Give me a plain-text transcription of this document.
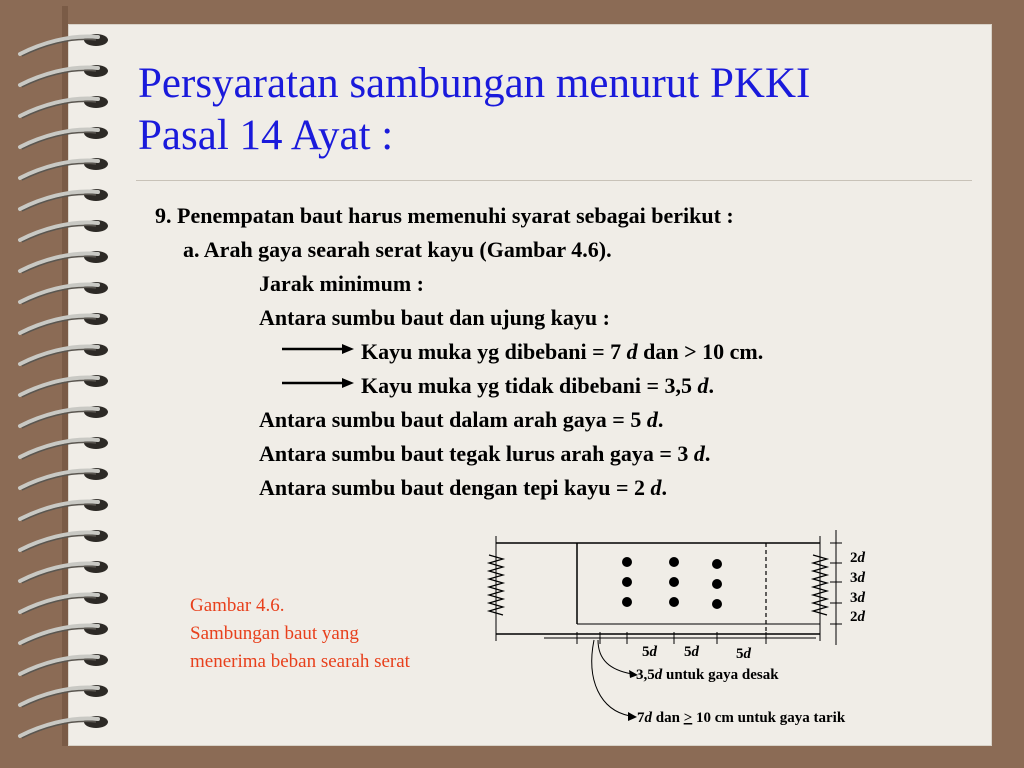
Persyaratan sambungan menurut PKKI
Pasal 14 Ayat :
9. Penempatan baut harus memenuhi syarat sebagai berikut :
a. Arah gaya searah serat kayu (Gambar 4.6).
Jarak minimum :
Antara sumbu baut dan ujung kayu :
Kayu muka yg dibebani = 7 d dan > 10 cm.
Kayu muka yg tidak dibebani = 3,5 d.
Antara sumbu baut dalam arah gaya = 5 d.
Antara sumbu baut tegak lurus arah gaya = 3 d.
Antara sumbu baut dengan tepi kayu = 2 d.
Gambar 4.6.
Sambungan baut yang
menerima beban searah serat
2d
3d
3d
2d
5d 5d 5d
3,5d untuk gaya desak
7d dan > 10 cm untuk gaya tarik
